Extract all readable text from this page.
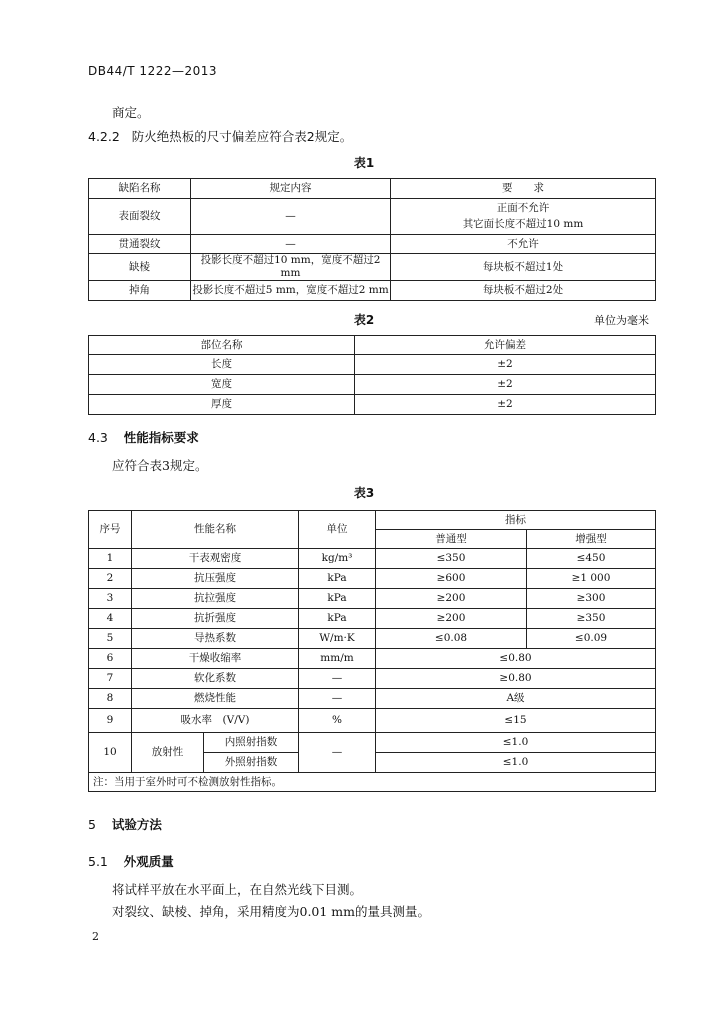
DB44/T 1222—2013
商定。
4.2.2 防火绝热板的尺寸偏差应符合表2规定。
表1
缺陷名称	规定内容	要　　求
表面裂纹	—	正面不允许
其它面长度不超过10 mm

贯通裂纹	—	不允许
缺棱	投影长度不超过10 mm，宽度不超过2 mm	每块板不超过1处
掉角	投影长度不超过5 mm，宽度不超过2 mm	每块板不超过2处
表2	单位为毫米
部位名称	允许偏差
长度	±2
宽度	±2
厚度	±2
4.3 性能指标要求
应符合表3规定。
表3
序号	性能名称		单位	指标	
				普通型	增强型
1	干表观密度		kg/m³	≤350	≤450
2	抗压强度		kPa	≥600	≥1 000
3	抗拉强度		kPa	≥200	≥300
4	抗折强度		kPa	≥200	≥350
5	导热系数		W/m·K	≤0.08	≤0.09
6	干燥收缩率		mm/m	≤0.80	
7	软化系数		—	≥0.80	
8	燃烧性能		—	A级	
9	吸水率　(V/V)		%	≤15	
10	放射性	内照射指数	—	≤1.0	
		外照射指数		≤1.0	
注：当用于室外时可不检测放射性指标。					
5 试验方法
5.1 外观质量
将试样平放在水平面上，在自然光线下目测。
对裂纹、缺棱、掉角，采用精度为0.01 mm的量具测量。
2
